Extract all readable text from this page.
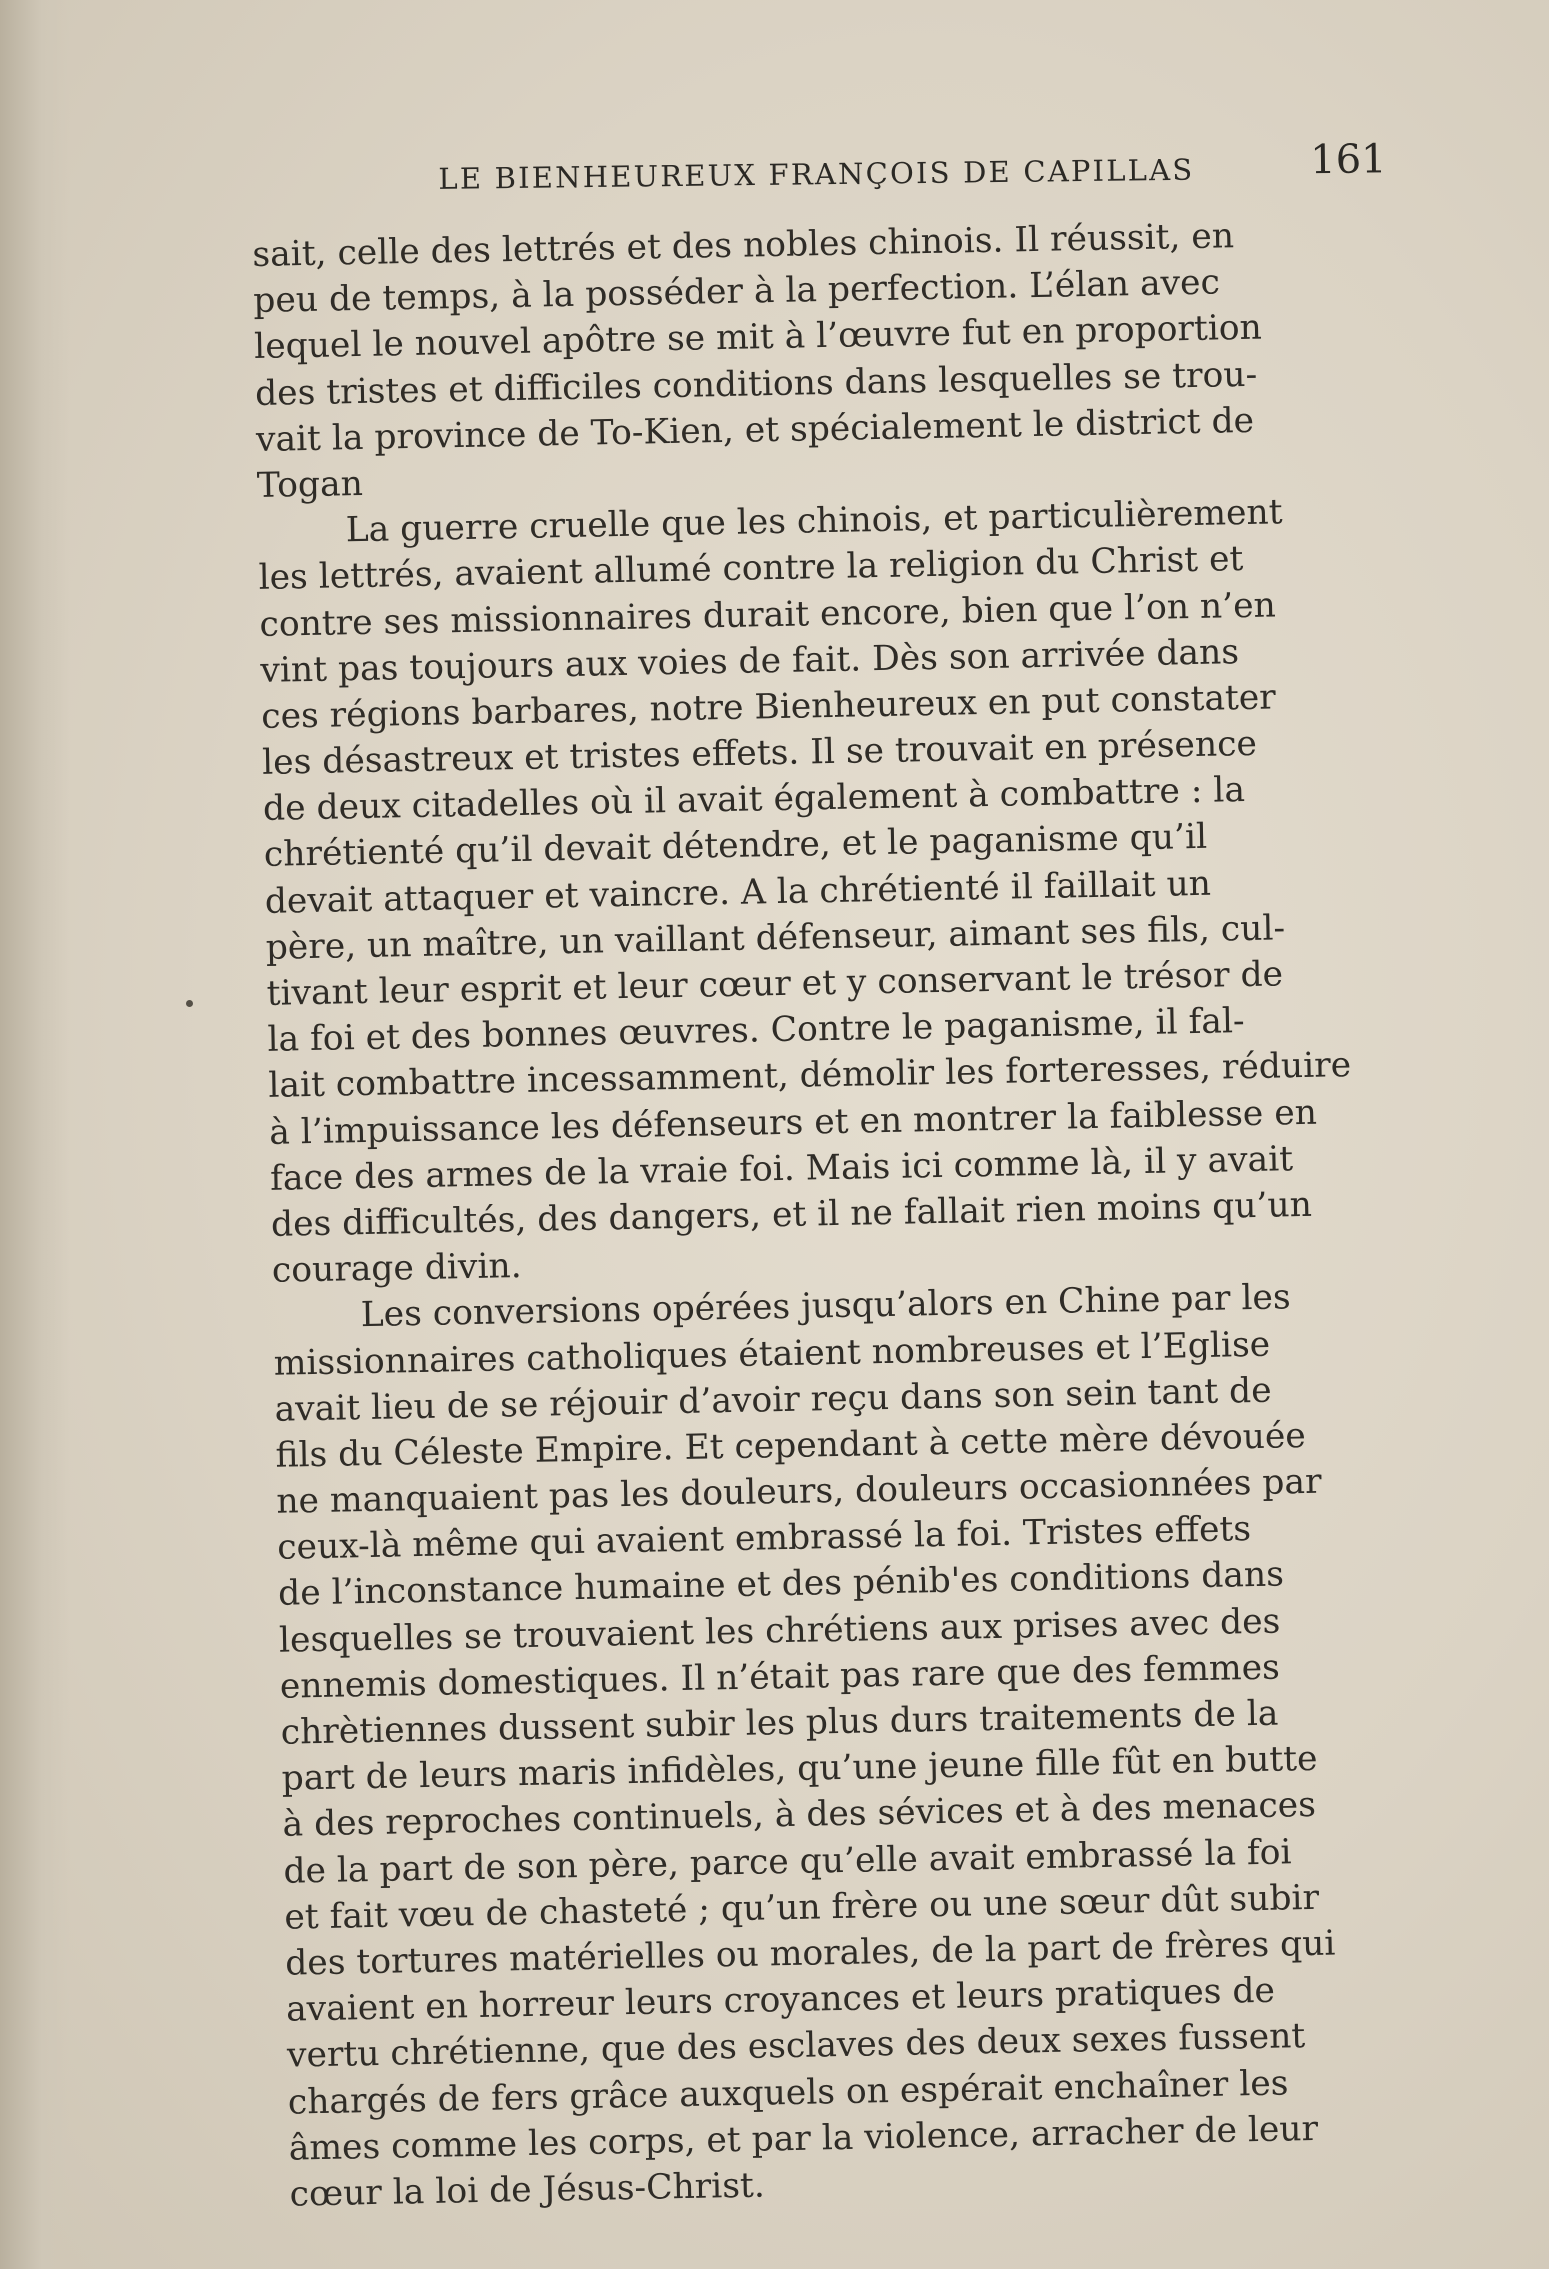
LE BIENHEUREUX FRANÇOIS DE CAPILLAS	161
sait, celle des lettrés et des nobles chinois. Il réussit, en
peu de temps, à la posséder à la perfection. L’élan avec
lequel le nouvel apôtre se mit à l’œuvre fut en proportion
des tristes et difficiles conditions dans lesquelles se trou-
vait la province de To-Kien, et spécialement le district de
Togan
La guerre cruelle que les chinois, et particulièrement
les lettrés, avaient allumé contre la religion du Christ et
contre ses missionnaires durait encore, bien que l’on n’en
vint pas toujours aux voies de fait. Dès son arrivée dans
ces régions barbares, notre Bienheureux en put constater
les désastreux et tristes effets. Il se trouvait en présence
de deux citadelles où il avait également à combattre : la
chrétienté qu’il devait détendre, et le paganisme qu’il
devait attaquer et vaincre. A la chrétienté il faillait un
père, un maître, un vaillant défenseur, aimant ses fils, cul-
tivant leur esprit et leur cœur et y conservant le trésor de
la foi et des bonnes œuvres. Contre le paganisme, il fal-
lait combattre incessamment, démolir les forteresses, réduire
à l’impuissance les défenseurs et en montrer la faiblesse en
face des armes de la vraie foi. Mais ici comme là, il y avait
des difficultés, des dangers, et il ne fallait rien moins qu’un
courage divin.
Les conversions opérées jusqu’alors en Chine par les
missionnaires catholiques étaient nombreuses et l’Eglise
avait lieu de se réjouir d’avoir reçu dans son sein tant de
fils du Céleste Empire. Et cependant à cette mère dévouée
ne manquaient pas les douleurs, douleurs occasionnées par
ceux-là même qui avaient embrassé la foi. Tristes effets
de l’inconstance humaine et des pénib'es conditions dans
lesquelles se trouvaient les chrétiens aux prises avec des
ennemis domestiques. Il n’était pas rare que des femmes
chrètiennes dussent subir les plus durs traitements de la
part de leurs maris infidèles, qu’une jeune fille fût en butte
à des reproches continuels, à des sévices et à des menaces
de la part de son père, parce qu’elle avait embrassé la foi
et fait vœu de chasteté ; qu’un frère ou une sœur dût subir
des tortures matérielles ou morales, de la part de frères qui
avaient en horreur leurs croyances et leurs pratiques de
vertu chrétienne, que des esclaves des deux sexes fussent
chargés de fers grâce auxquels on espérait enchaîner les
âmes comme les corps, et par la violence, arracher de leur
cœur la loi de Jésus-Christ.
